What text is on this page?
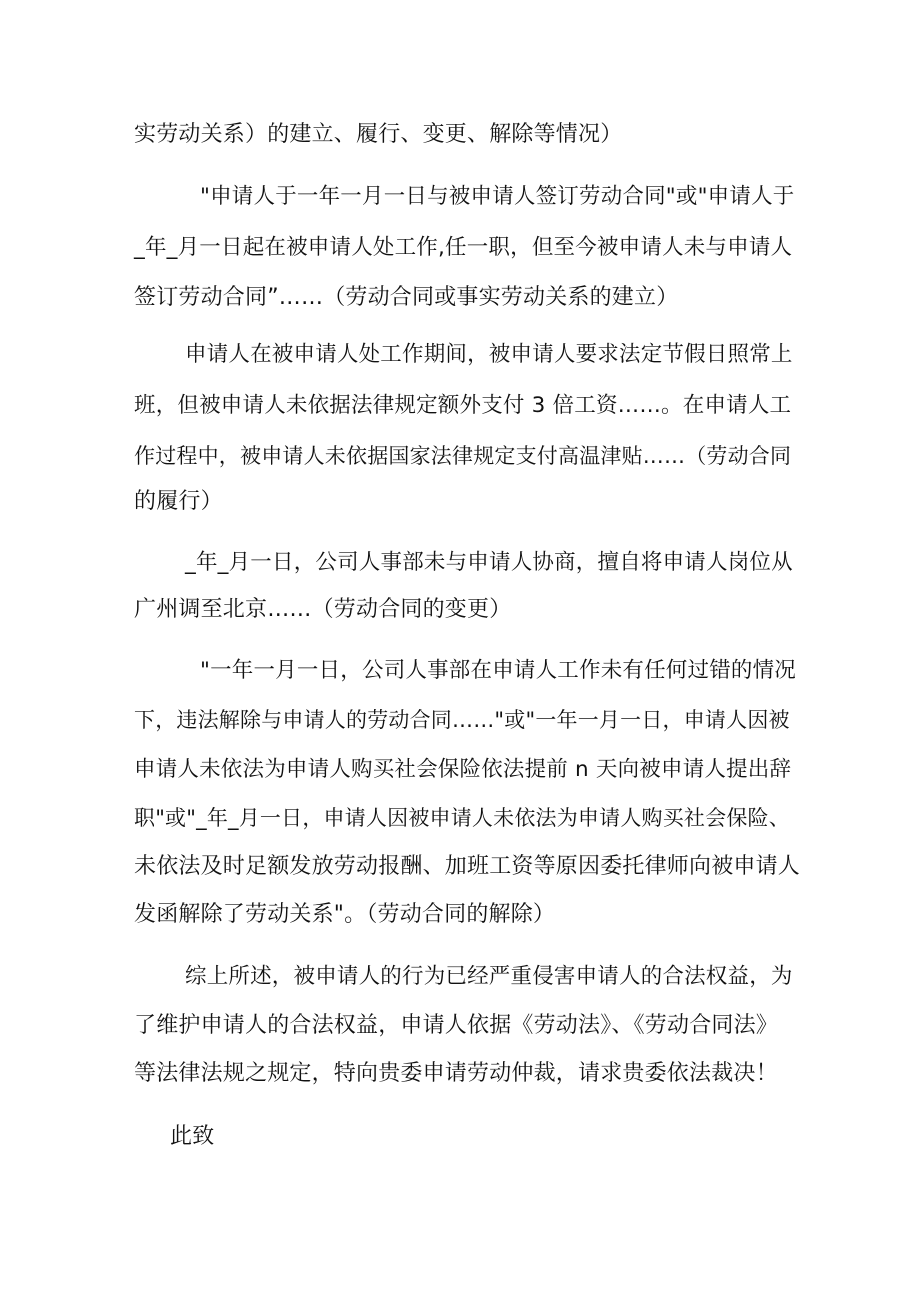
实劳动关系）的建立、履行、变更、解除等情况）
"申请人于一年一月一日与被申请人签订劳动合同"或"申请人于
_年_月一日起在被申请人处工作,任一职，但至今被申请人未与申请人
签订劳动合同”……（劳动合同或事实劳动关系的建立）
申请人在被申请人处工作期间，被申请人要求法定节假日照常上
班，但被申请人未依据法律规定额外支付 3 倍工资……。在申请人工
作过程中，被申请人未依据国家法律规定支付高温津贴……（劳动合同
的履行）
_年_月一日，公司人事部未与申请人协商，擅自将申请人岗位从
广州调至北京……（劳动合同的变更）
"一年一月一日，公司人事部在申请人工作未有任何过错的情况
下，违法解除与申请人的劳动合同……"或"一年一月一日，申请人因被
申请人未依法为申请人购买社会保险依法提前 n 天向被申请人提出辞
职"或"_年_月一日，申请人因被申请人未依法为申请人购买社会保险、
未依法及时足额发放劳动报酬、加班工资等原因委托律师向被申请人
发函解除了劳动关系"。（劳动合同的解除）
综上所述，被申请人的行为已经严重侵害申请人的合法权益，为
了维护申请人的合法权益，申请人依据《劳动法》、《劳动合同法》
等法律法规之规定，特向贵委申请劳动仲裁，请求贵委依法裁决！
此致
